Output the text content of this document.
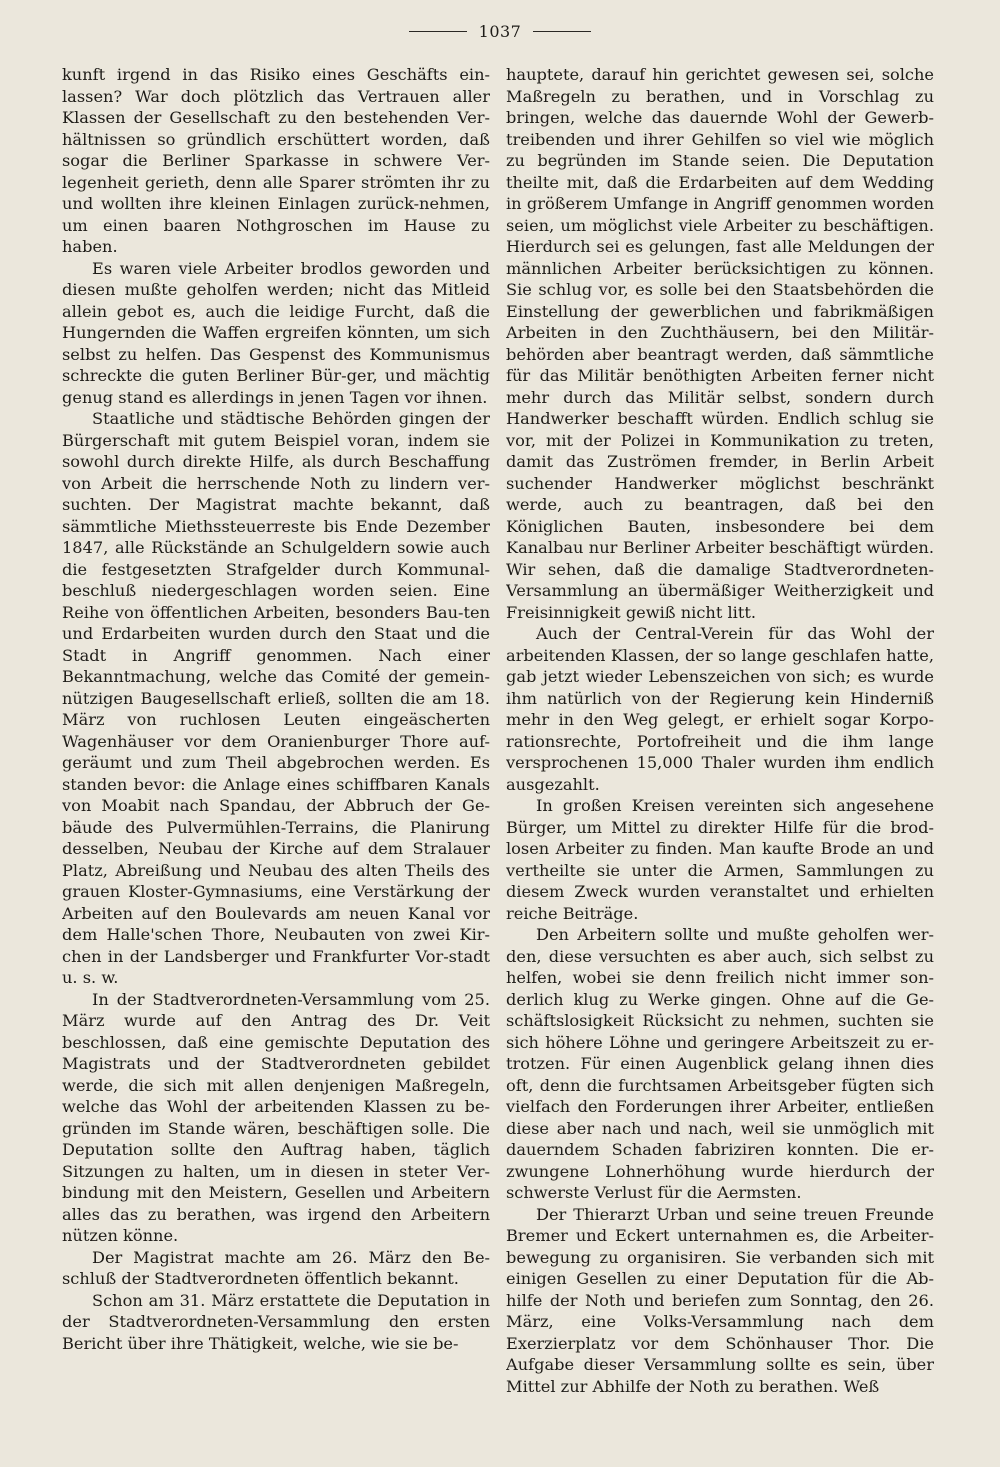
1037

kunft irgend in das Risiko eines Geschäfts ein-lassen? War doch plötzlich das Vertrauen aller Klassen der Gesellschaft zu den bestehenden Ver-hältnissen so gründlich erschüttert worden, daß sogar die Berliner Sparkasse in schwere Ver-legenheit gerieth, denn alle Sparer strömten ihr zu und wollten ihre kleinen Einlagen zurück-nehmen, um einen baaren Nothgroschen im Hause zu haben.

Es waren viele Arbeiter brodlos geworden und diesen mußte geholfen werden; nicht das Mitleid allein gebot es, auch die leidige Furcht, daß die Hungernden die Waffen ergreifen könnten, um sich selbst zu helfen. Das Gespenst des Kommunismus schreckte die guten Berliner Bür-ger, und mächtig genug stand es allerdings in jenen Tagen vor ihnen.

Staatliche und städtische Behörden gingen der Bürgerschaft mit gutem Beispiel voran, indem sie sowohl durch direkte Hilfe, als durch Beschaffung von Arbeit die herrschende Noth zu lindern ver-suchten. Der Magistrat machte bekannt, daß sämmtliche Miethssteuerreste bis Ende Dezember 1847, alle Rückstände an Schulgeldern sowie auch die festgesetzten Strafgelder durch Kommunal-beschluß niedergeschlagen worden seien. Eine Reihe von öffentlichen Arbeiten, besonders Bau-ten und Erdarbeiten wurden durch den Staat und die Stadt in Angriff genommen. Nach einer Bekanntmachung, welche das Comité der gemein-nützigen Baugesellschaft erließ, sollten die am 18. März von ruchlosen Leuten eingeäscherten Wagenhäuser vor dem Oranienburger Thore auf-geräumt und zum Theil abgebrochen werden. Es standen bevor: die Anlage eines schiffbaren Kanals von Moabit nach Spandau, der Abbruch der Ge-bäude des Pulvermühlen-Terrains, die Planirung desselben, Neubau der Kirche auf dem Stralauer Platz, Abreißung und Neubau des alten Theils des grauen Kloster-Gymnasiums, eine Verstärkung der Arbeiten auf den Boulevards am neuen Kanal vor dem Halle'schen Thore, Neubauten von zwei Kir-chen in der Landsberger und Frankfurter Vor-stadt u. s. w.

In der Stadtverordneten-Versammlung vom 25. März wurde auf den Antrag des Dr. Veit beschlossen, daß eine gemischte Deputation des Magistrats und der Stadtverordneten gebildet werde, die sich mit allen denjenigen Maßregeln, welche das Wohl der arbeitenden Klassen zu be-gründen im Stande wären, beschäftigen solle. Die Deputation sollte den Auftrag haben, täglich Sitzungen zu halten, um in diesen in steter Ver-bindung mit den Meistern, Gesellen und Arbeitern alles das zu berathen, was irgend den Arbeitern nützen könne.

Der Magistrat machte am 26. März den Be-schluß der Stadtverordneten öffentlich bekannt.

Schon am 31. März erstattete die Deputation in der Stadtverordneten-Versammlung den ersten Bericht über ihre Thätigkeit, welche, wie sie be-

hauptete, darauf hin gerichtet gewesen sei, solche Maßregeln zu berathen, und in Vorschlag zu bringen, welche das dauernde Wohl der Gewerb-treibenden und ihrer Gehilfen so viel wie möglich zu begründen im Stande seien. Die Deputation theilte mit, daß die Erdarbeiten auf dem Wedding in größerem Umfange in Angriff genommen worden seien, um möglichst viele Arbeiter zu beschäftigen. Hierdurch sei es gelungen, fast alle Meldungen der männlichen Arbeiter berücksichtigen zu können. Sie schlug vor, es solle bei den Staatsbehörden die Einstellung der gewerblichen und fabrikmäßigen Arbeiten in den Zuchthäusern, bei den Militär-behörden aber beantragt werden, daß sämmtliche für das Militär benöthigten Arbeiten ferner nicht mehr durch das Militär selbst, sondern durch Handwerker beschafft würden. Endlich schlug sie vor, mit der Polizei in Kommunikation zu treten, damit das Zuströmen fremder, in Berlin Arbeit suchender Handwerker möglichst beschränkt werde, auch zu beantragen, daß bei den Königlichen Bauten, insbesondere bei dem Kanalbau nur Berliner Arbeiter beschäftigt würden. Wir sehen, daß die damalige Stadtverordneten-Versammlung an übermäßiger Weitherzigkeit und Freisinnigkeit gewiß nicht litt.

Auch der Central-Verein für das Wohl der arbeitenden Klassen, der so lange geschlafen hatte, gab jetzt wieder Lebenszeichen von sich; es wurde ihm natürlich von der Regierung kein Hinderniß mehr in den Weg gelegt, er erhielt sogar Korpo-rationsrechte, Portofreiheit und die ihm lange versprochenen 15,000 Thaler wurden ihm endlich ausgezahlt.

In großen Kreisen vereinten sich angesehene Bürger, um Mittel zu direkter Hilfe für die brod-losen Arbeiter zu finden. Man kaufte Brode an und vertheilte sie unter die Armen, Sammlungen zu diesem Zweck wurden veranstaltet und erhielten reiche Beiträge.

Den Arbeitern sollte und mußte geholfen wer-den, diese versuchten es aber auch, sich selbst zu helfen, wobei sie denn freilich nicht immer son-derlich klug zu Werke gingen. Ohne auf die Ge-schäftslosigkeit Rücksicht zu nehmen, suchten sie sich höhere Löhne und geringere Arbeitszeit zu er-trotzen. Für einen Augenblick gelang ihnen dies oft, denn die furchtsamen Arbeitsgeber fügten sich vielfach den Forderungen ihrer Arbeiter, entließen diese aber nach und nach, weil sie unmöglich mit dauerndem Schaden fabriziren konnten. Die er-zwungene Lohnerhöhung wurde hierdurch der schwerste Verlust für die Aermsten.

Der Thierarzt Urban und seine treuen Freunde Bremer und Eckert unternahmen es, die Arbeiter-bewegung zu organisiren. Sie verbanden sich mit einigen Gesellen zu einer Deputation für die Ab-hilfe der Noth und beriefen zum Sonntag, den 26. März, eine Volks-Versammlung nach dem Exerzierplatz vor dem Schönhauser Thor. Die Aufgabe dieser Versammlung sollte es sein, über Mittel zur Abhilfe der Noth zu berathen. Weß
